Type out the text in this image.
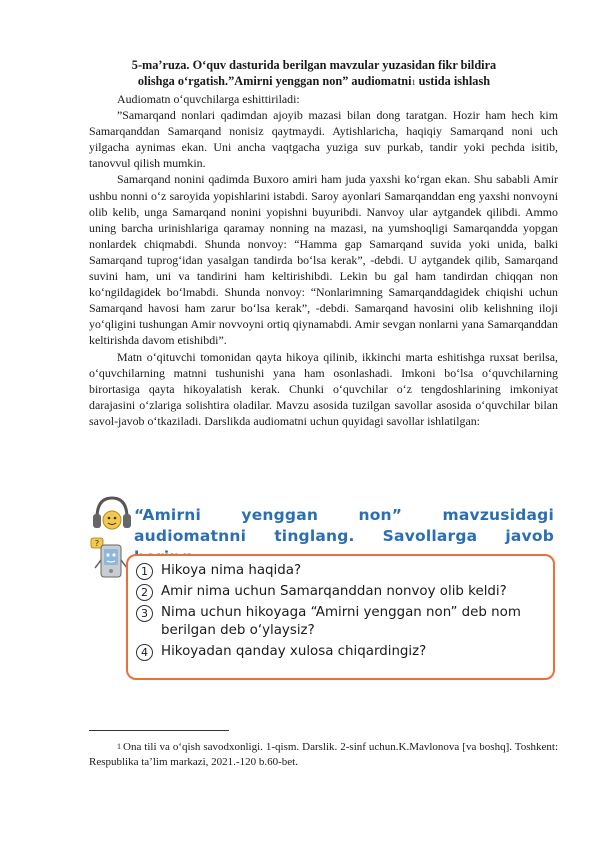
5-ma’ruza. O‘quv dasturida berilgan mavzular yuzasidan fikr bildira
olishga o‘rgatish.”Amirni yenggan non” audiomatni1 ustida ishlash

Audiomatn o‘quvchilarga eshittiriladi:

”Samarqand nonlari qadimdan ajoyib mazasi bilan dong taratgan. Hozir ham hech kim Samarqanddan Samarqand nonisiz qaytmaydi. Aytishlaricha, haqiqiy Samarqand noni uch yilgacha aynimas ekan. Uni ancha vaqtgacha yuziga suv purkab, tandir yoki pechda isitib, tanovvul qilish mumkin.

Samarqand nonini qadimda Buxoro amiri ham juda yaxshi ko‘rgan ekan. Shu sababli Amir ushbu nonni o‘z saroyida yopishlarini istabdi. Saroy ayonlari Samarqanddan eng yaxshi nonvoyni olib kelib, unga Samarqand nonini yopishni buyuribdi. Nanvoy ular aytgandek qilibdi. Ammo uning barcha urinishlariga qaramay nonning na mazasi, na yumshoqligi Samarqandda yopgan nonlardek chiqmabdi. Shunda nonvoy: “Hamma gap Samarqand suvida yoki unida, balki Samarqand tuprog‘idan yasalgan tandirda bo‘lsa kerak”, -debdi. U aytgandek qilib, Samarqand suvini ham, uni va tandirini ham keltirishibdi. Lekin bu gal ham tandirdan chiqqan non ko‘ngildagidek bo‘lmabdi. Shunda nonvoy: “Nonlarimning Samarqanddagidek chiqishi uchun Samarqand havosi ham zarur bo‘lsa kerak”, -debdi. Samarqand havosini olib kelishning iloji yo‘qligini tushungan Amir novvoyni ortiq qiynamabdi. Amir sevgan nonlarni yana Samarqanddan keltirishda davom etishibdi”.

Matn o‘qituvchi tomonidan qayta hikoya qilinib, ikkinchi marta eshitishga ruxsat berilsa, o‘quvchilarning matnni tushunishi yana ham osonlashadi. Imkoni bo‘lsa o‘quvchilarning birortasiga qayta hikoyalatish kerak. Chunki o‘quvchilar o‘z tengdoshlarining imkoniyat darajasini o‘zlariga solishtira oladilar. Mavzu asosida tuzilgan savollar asosida o‘quvchilar bilan savol-javob o‘tkaziladi. Darslikda audiomatni uchun quyidagi savollar ishlatilgan:

?
“Amirni yenggan non” mavzusidagi audiomatnni tinglang. Savollarga javob
1 Hikoya nima haqida?
2 Amir nima uchun Samarqanddan nonvoy olib keldi?
3 Nima uchun hikoyaga “Amirni yenggan non” deb nom berilgan deb o‘ylaysiz?
4 Hikoyadan qanday xulosa chiqardingiz?
1 Ona tili va o‘qish savodxonligi. 1-qism. Darslik. 2-sinf uchun.K.Mavlonova [va boshq]. Toshkent: Respublika ta’lim markazi, 2021.-120 b.60-bet.
